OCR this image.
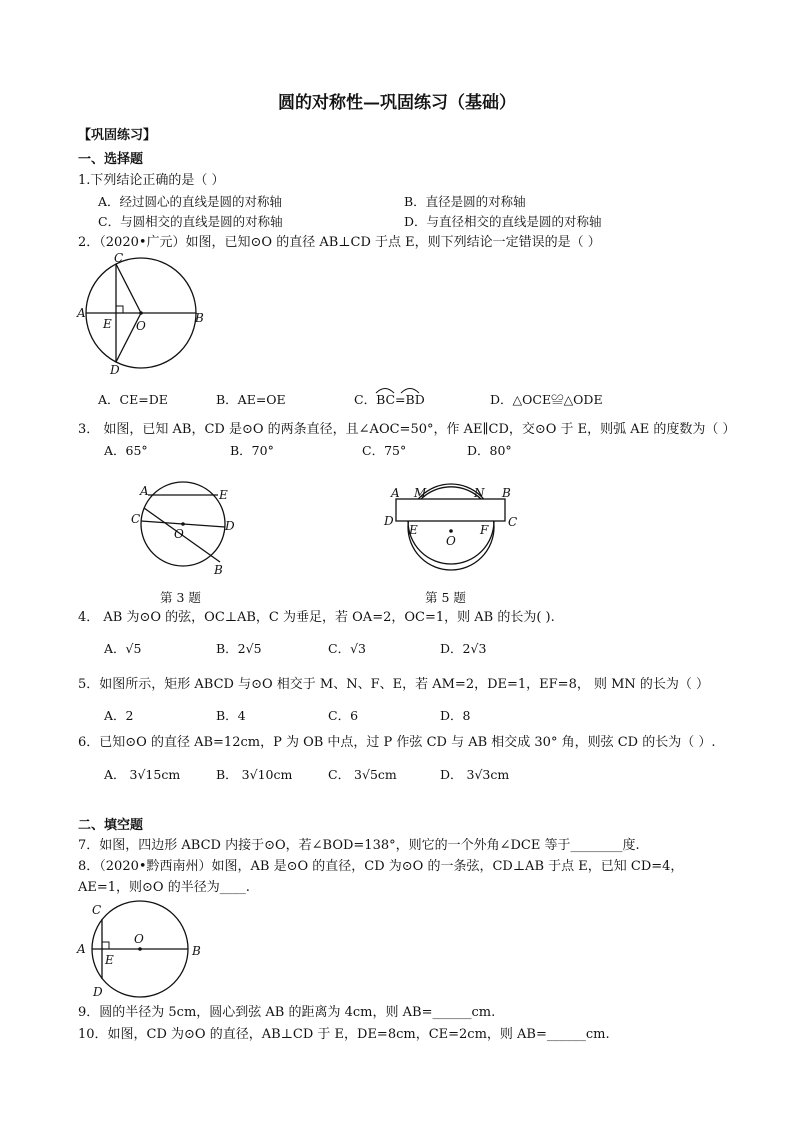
圆的对称性—巩固练习（基础）
【巩固练习】
一、选择题
1.下列结论正确的是（ ）
A．经过圆心的直线是圆的对称轴	B．直径是圆的对称轴
C．与圆相交的直线是圆的对称轴	D．与直径相交的直线是圆的对称轴
2．（2020•广元）如图，已知⊙O 的直径 AB⊥CD 于点 E，则下列结论一定错误的是（ ）
A	B
C
D
E O
A．CE=DE	B．AE=OE	C．BC=BD	D．△OCE≌△ODE
3． 如图，已知 AB，CD 是⊙O 的两条直径，且∠AOC=50°，作 AE∥CD，交⊙O 于 E，则弧 AE 的度数为（ ）
A．65°	B．70°	C．75°	D．80°
A	E
C	D
O
B
A M	N B
D	C
E	F
O
第 3 题	第 5 题
4． AB 为⊙O 的弦，OC⊥AB，C 为垂足，若 OA=2，OC=1，则 AB 的长为( ).
A．√5	B．2√5	C．√3	D．2√3
5．如图所示，矩形 ABCD 与⊙O 相交于 M、N、F、E，若 AM=2，DE=1，EF=8， 则 MN 的长为（ ）
A．2	B．4	C．6	D．8
6．已知⊙O 的直径 AB=12cm，P 为 OB 中点，过 P 作弦 CD 与 AB 相交成 30° 角，则弦 CD 的长为（ ）.
A． 3√15cm	B． 3√10cm	C． 3√5cm	D． 3√3cm
二、填空题
7．如图，四边形 ABCD 内接于⊙O，若∠BOD=138°，则它的一个外角∠DCE 等于________度.
8．（2020•黔西南州）如图，AB 是⊙O 的直径，CD 为⊙O 的一条弦，CD⊥AB 于点 E，已知 CD=4，
AE=1，则⊙O 的半径为____.
A	B
C
D
E
O
9．圆的半径为 5cm，圆心到弦 AB 的距离为 4cm，则 AB=______cm.
10．如图，CD 为⊙O 的直径，AB⊥CD 于 E，DE=8cm，CE=2cm，则 AB=______cm.
